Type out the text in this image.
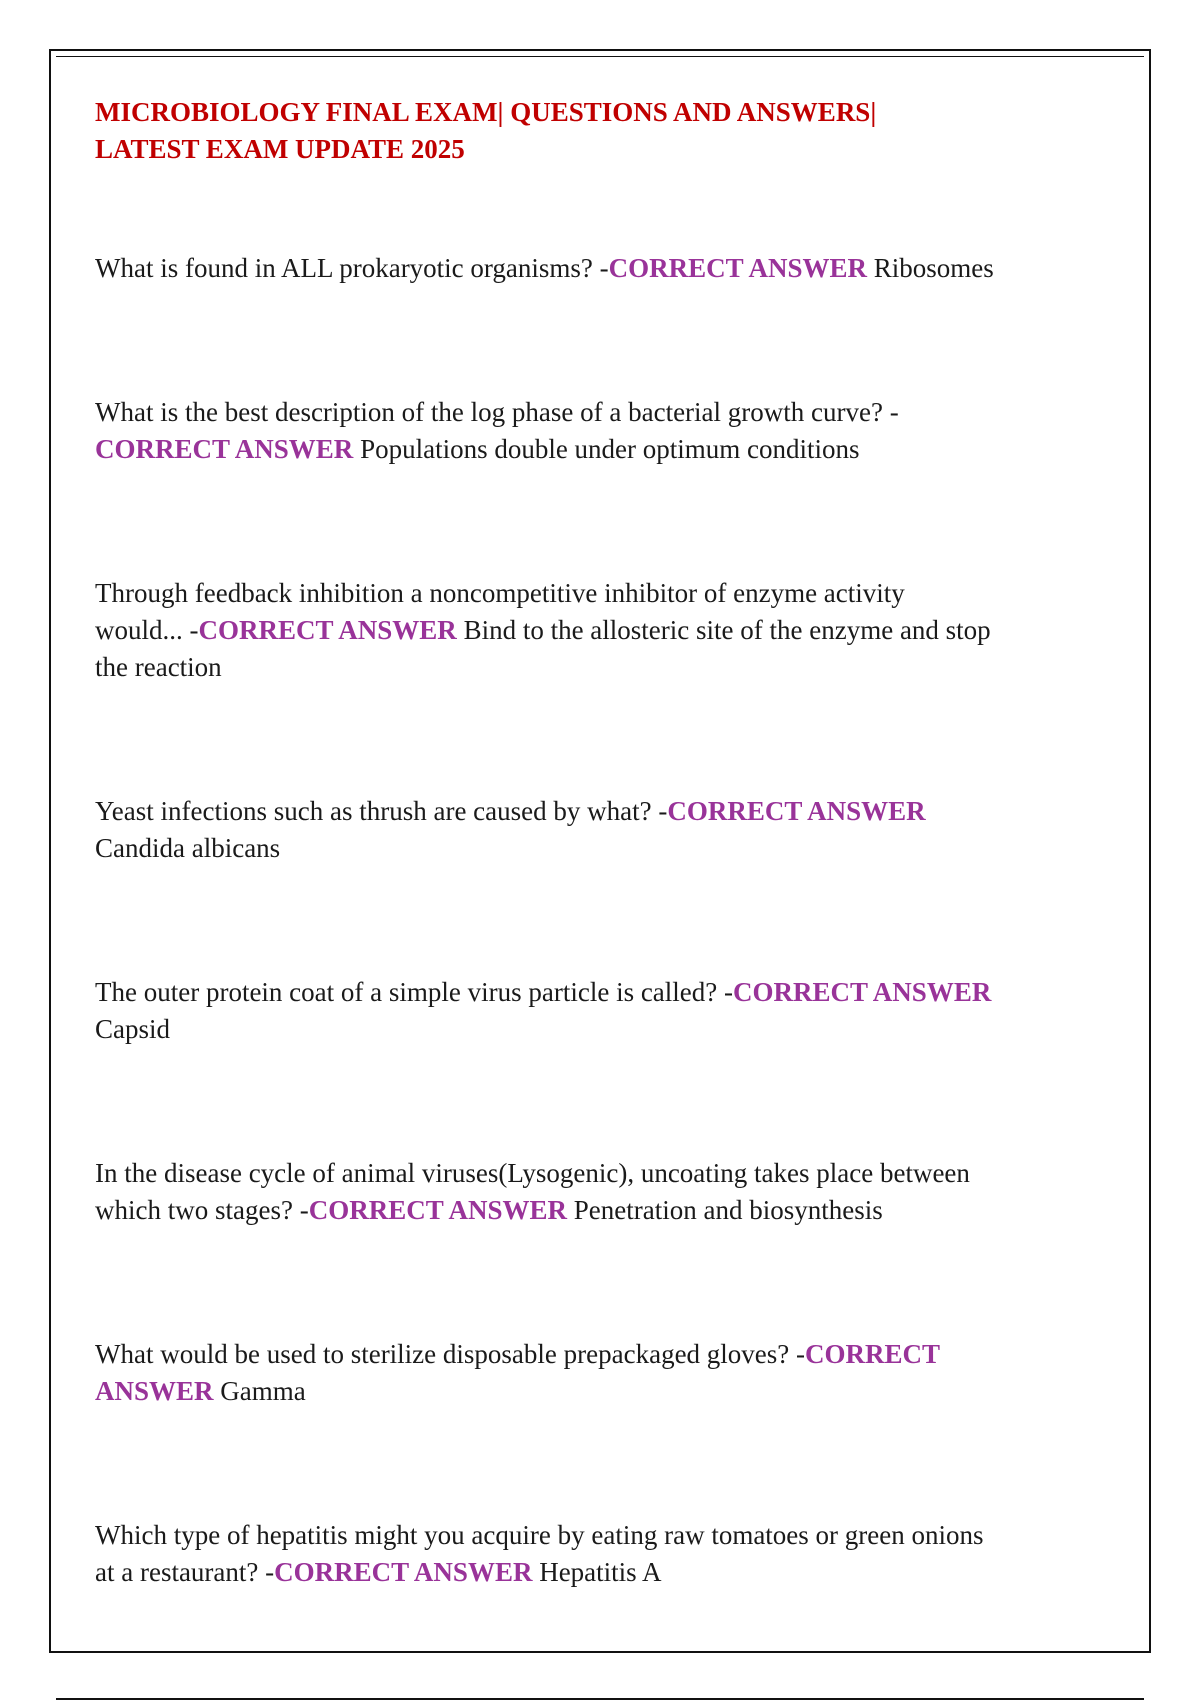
MICROBIOLOGY FINAL EXAM| QUESTIONS AND ANSWERS|
LATEST EXAM UPDATE 2025

What is found in ALL prokaryotic organisms? -CORRECT ANSWER Ribosomes

What is the best description of the log phase of a bacterial growth curve? -CORRECT ANSWER Populations double under optimum conditions

Through feedback inhibition a noncompetitive inhibitor of enzyme activity would... -CORRECT ANSWER Bind to the allosteric site of the enzyme and stop the reaction

Yeast infections such as thrush are caused by what? -CORRECT ANSWER Candida albicans

The outer protein coat of a simple virus particle is called? -CORRECT ANSWER Capsid

In the disease cycle of animal viruses(Lysogenic), uncoating takes place between which two stages? -CORRECT ANSWER Penetration and biosynthesis

What would be used to sterilize disposable prepackaged gloves? -CORRECT ANSWER Gamma

Which type of hepatitis might you acquire by eating raw tomatoes or green onions at a restaurant? -CORRECT ANSWER Hepatitis A
